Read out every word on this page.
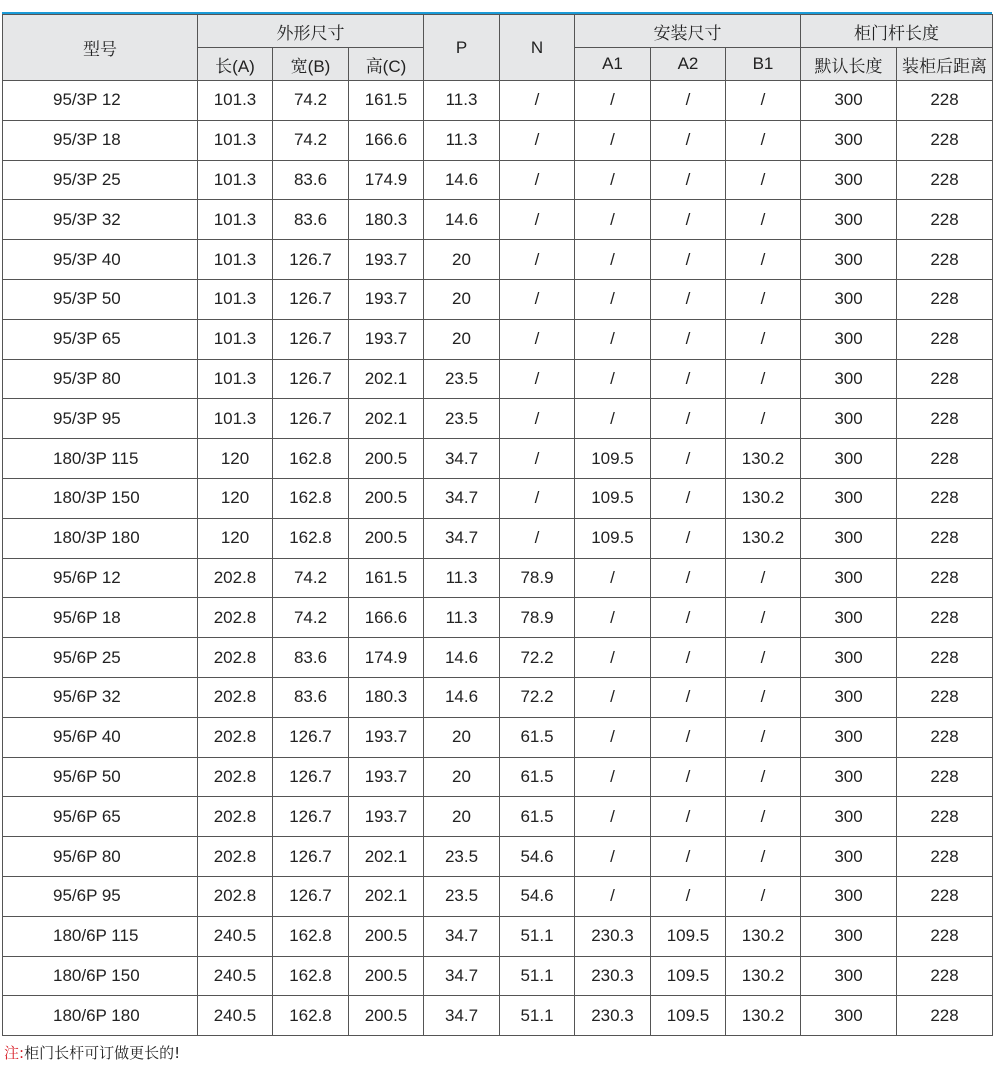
型号	外形尺寸			P	N	安装尺寸			柜门杆长度	
	长(A)	宽(B)	高(C)			A1	A2	B1	默认长度	装柜后距离
95/3P 12	101.3	74.2	161.5	11.3	/	/	/	/	300	228
95/3P 18	101.3	74.2	166.6	11.3	/	/	/	/	300	228
95/3P 25	101.3	83.6	174.9	14.6	/	/	/	/	300	228
95/3P 32	101.3	83.6	180.3	14.6	/	/	/	/	300	228
95/3P 40	101.3	126.7	193.7	20	/	/	/	/	300	228
95/3P 50	101.3	126.7	193.7	20	/	/	/	/	300	228
95/3P 65	101.3	126.7	193.7	20	/	/	/	/	300	228
95/3P 80	101.3	126.7	202.1	23.5	/	/	/	/	300	228
95/3P 95	101.3	126.7	202.1	23.5	/	/	/	/	300	228
180/3P 115	120	162.8	200.5	34.7	/	109.5	/	130.2	300	228
180/3P 150	120	162.8	200.5	34.7	/	109.5	/	130.2	300	228
180/3P 180	120	162.8	200.5	34.7	/	109.5	/	130.2	300	228
95/6P 12	202.8	74.2	161.5	11.3	78.9	/	/	/	300	228
95/6P 18	202.8	74.2	166.6	11.3	78.9	/	/	/	300	228
95/6P 25	202.8	83.6	174.9	14.6	72.2	/	/	/	300	228
95/6P 32	202.8	83.6	180.3	14.6	72.2	/	/	/	300	228
95/6P 40	202.8	126.7	193.7	20	61.5	/	/	/	300	228
95/6P 50	202.8	126.7	193.7	20	61.5	/	/	/	300	228
95/6P 65	202.8	126.7	193.7	20	61.5	/	/	/	300	228
95/6P 80	202.8	126.7	202.1	23.5	54.6	/	/	/	300	228
95/6P 95	202.8	126.7	202.1	23.5	54.6	/	/	/	300	228
180/6P 115	240.5	162.8	200.5	34.7	51.1	230.3	109.5	130.2	300	228
180/6P 150	240.5	162.8	200.5	34.7	51.1	230.3	109.5	130.2	300	228
180/6P 180	240.5	162.8	200.5	34.7	51.1	230.3	109.5	130.2	300	228
注:柜门长杆可订做更长的!
